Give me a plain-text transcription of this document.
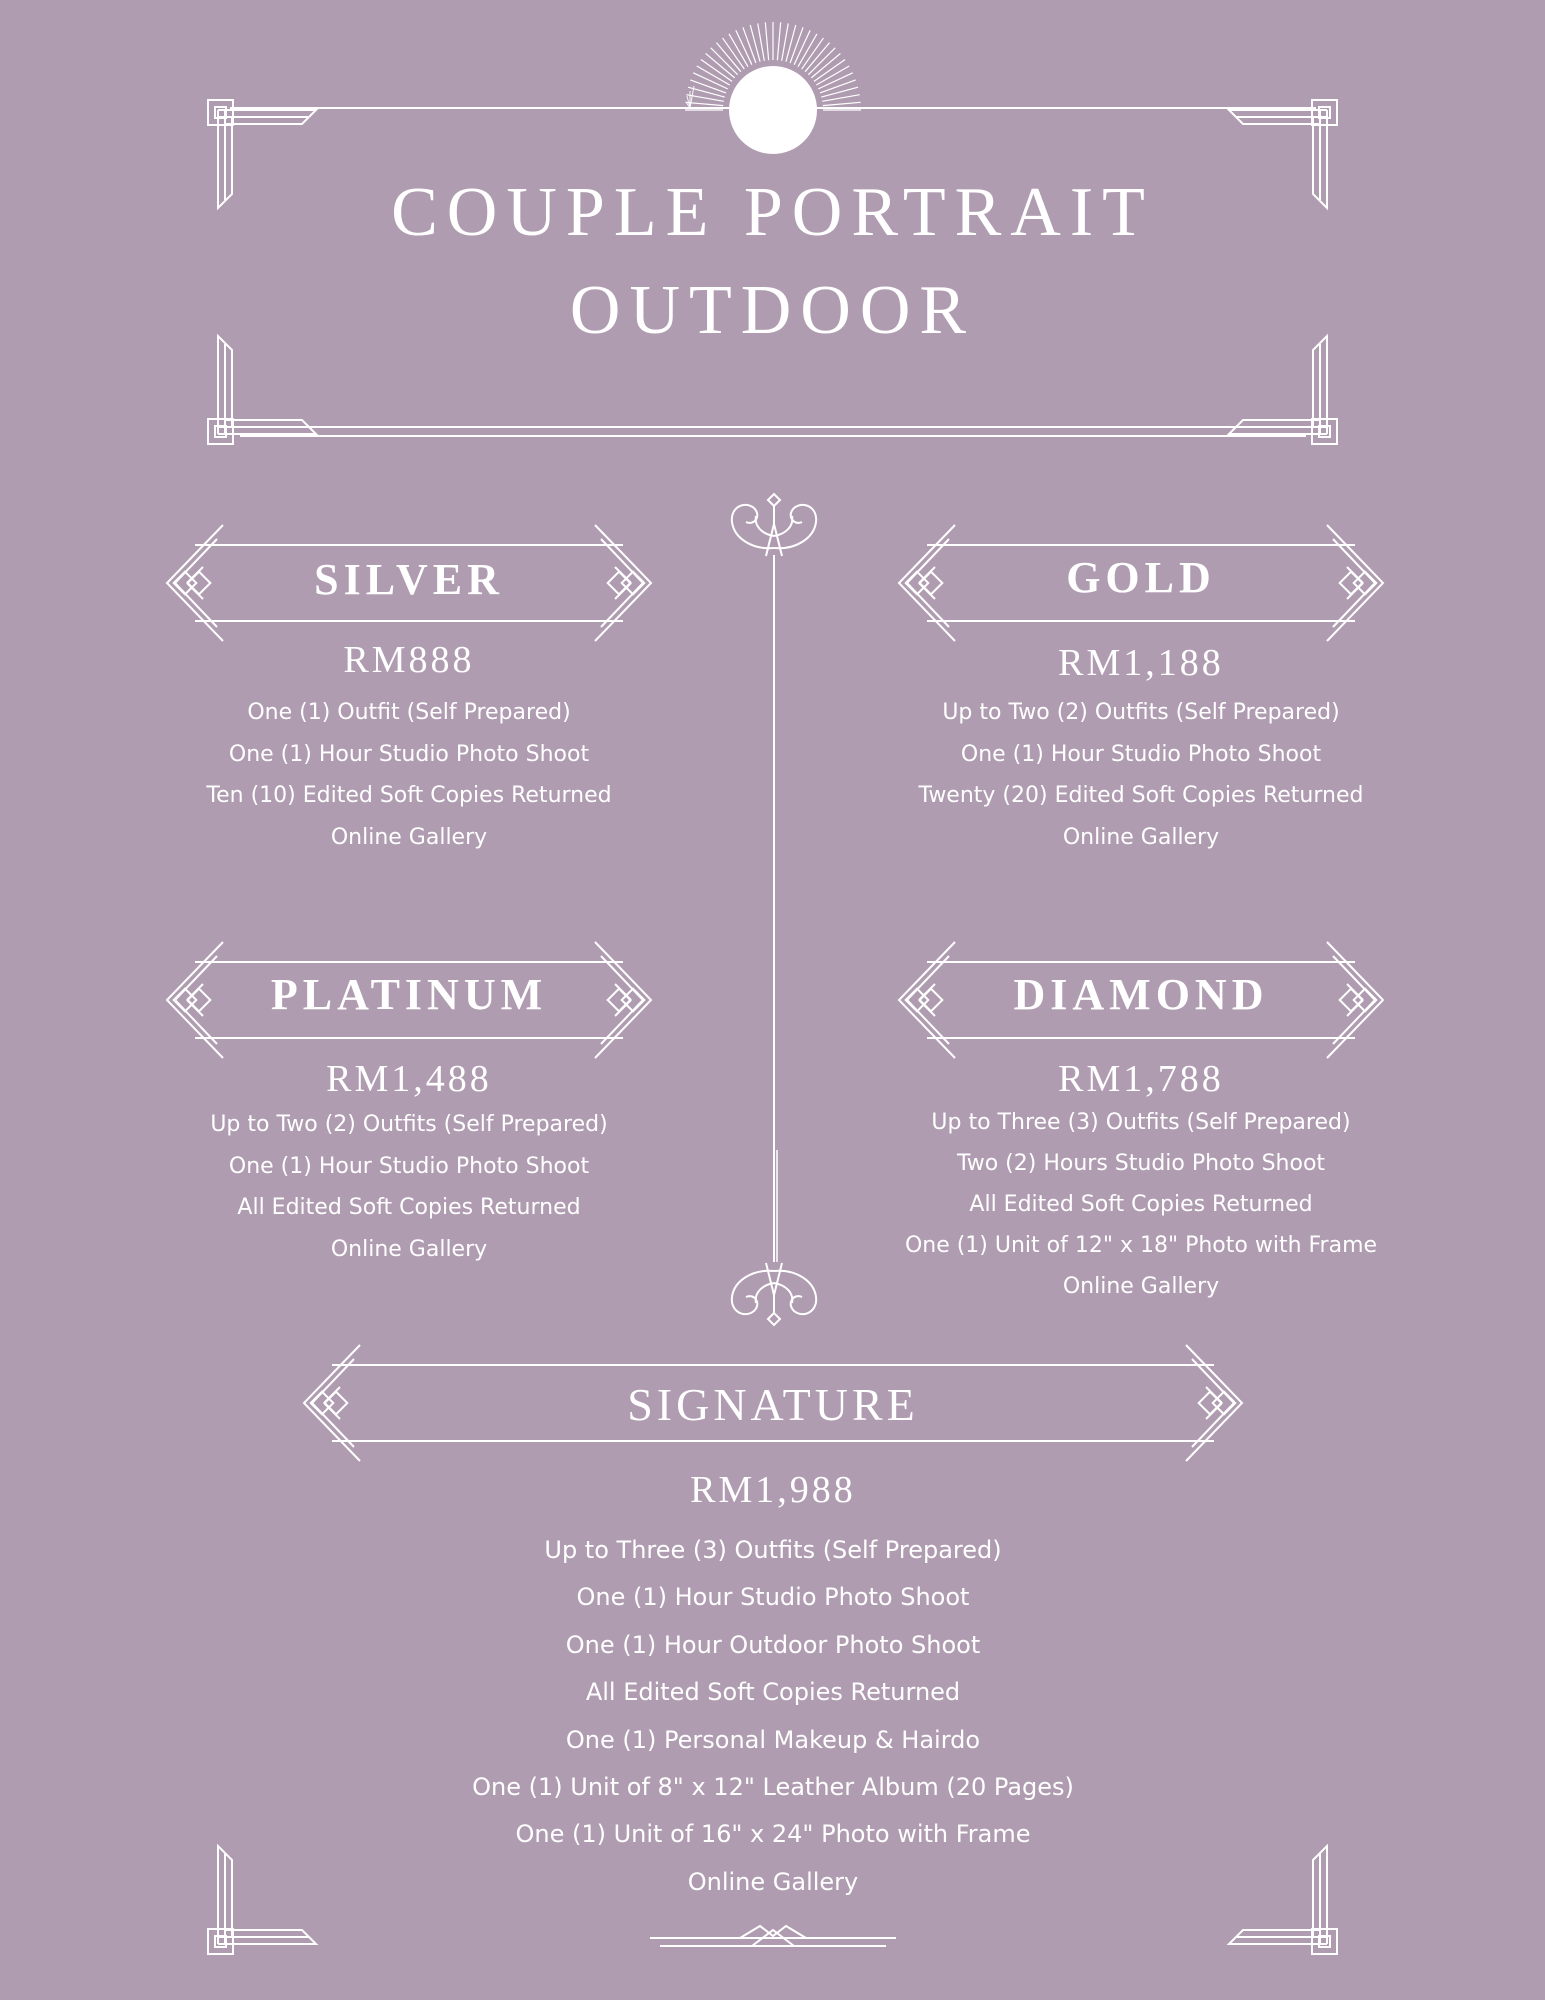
COUPLE PORTRAIT
OUTDOOR
SILVER
RM888
One (1) Outfit (Self Prepared)
One (1) Hour Studio Photo Shoot
Ten (10) Edited Soft Copies Returned
Online Gallery
GOLD
RM1,188
Up to Two (2) Outfits (Self Prepared)
One (1) Hour Studio Photo Shoot
Twenty (20) Edited Soft Copies Returned
Online Gallery
PLATINUM
RM1,488
Up to Two (2) Outfits (Self Prepared)
One (1) Hour Studio Photo Shoot
All Edited Soft Copies Returned
Online Gallery
DIAMOND
RM1,788
Up to Three (3) Outfits (Self Prepared)
Two (2) Hours Studio Photo Shoot
All Edited Soft Copies Returned
One (1) Unit of 12" x 18" Photo with Frame
Online Gallery
SIGNATURE
RM1,988
Up to Three (3) Outfits (Self Prepared)
One (1) Hour Studio Photo Shoot
One (1) Hour Outdoor Photo Shoot
All Edited Soft Copies Returned
One (1) Personal Makeup & Hairdo
One (1) Unit of 8" x 12" Leather Album (20 Pages)
One (1) Unit of 16" x 24" Photo with Frame
Online Gallery
